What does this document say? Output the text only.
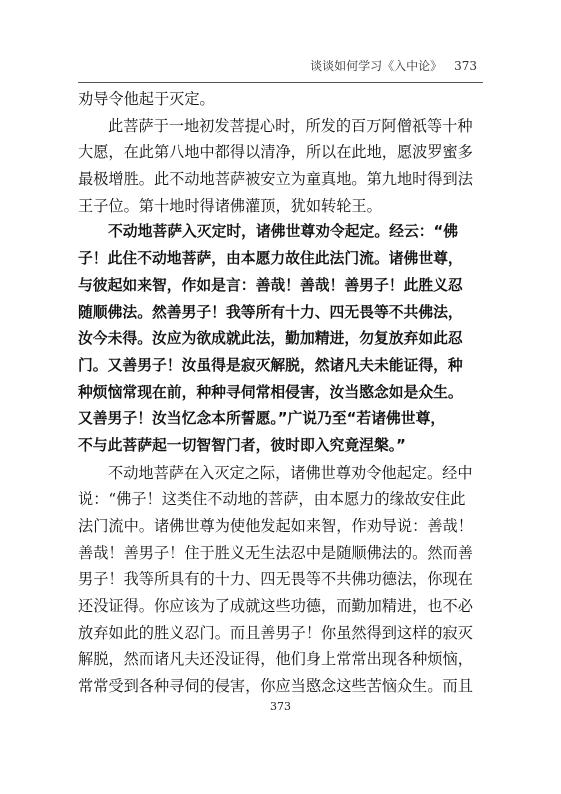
谈谈如何学习《入中论》 373
劝导令他起于灭定。
此菩萨于一地初发菩提心时，所发的百万阿僧祇等十种
大愿，在此第八地中都得以清净，所以在此地，愿波罗蜜多
最极增胜。此不动地菩萨被安立为童真地。第九地时得到法
王子位。第十地时得诸佛灌顶，犹如转轮王。
不动地菩萨入灭定时，诸佛世尊劝令起定。经云：“佛
子！此住不动地菩萨，由本愿力故住此法门流。诸佛世尊，
与彼起如来智，作如是言：善哉！善哉！善男子！此胜义忍
随顺佛法。然善男子！我等所有十力、四无畏等不共佛法，
汝今未得。汝应为欲成就此法，勤加精进，勿复放弃如此忍
门。又善男子！汝虽得是寂灭解脱，然诸凡夫未能证得，种
种烦恼常现在前，种种寻伺常相侵害，汝当愍念如是众生。
又善男子！汝当忆念本所誓愿。”广说乃至“若诸佛世尊，
不与此菩萨起一切智智门者，彼时即入究竟涅槃。”
不动地菩萨在入灭定之际，诸佛世尊劝令他起定。经中
说：“佛子！这类住不动地的菩萨，由本愿力的缘故安住此
法门流中。诸佛世尊为使他发起如来智，作劝导说：善哉！
善哉！善男子！住于胜义无生法忍中是随顺佛法的。然而善
男子！我等所具有的十力、四无畏等不共佛功德法，你现在
还没证得。你应该为了成就这些功德，而勤加精进，也不必
放弃如此的胜义忍门。而且善男子！你虽然得到这样的寂灭
解脱，然而诸凡夫还没证得，他们身上常常出现各种烦恼，
常常受到各种寻伺的侵害，你应当愍念这些苦恼众生。而且
373
